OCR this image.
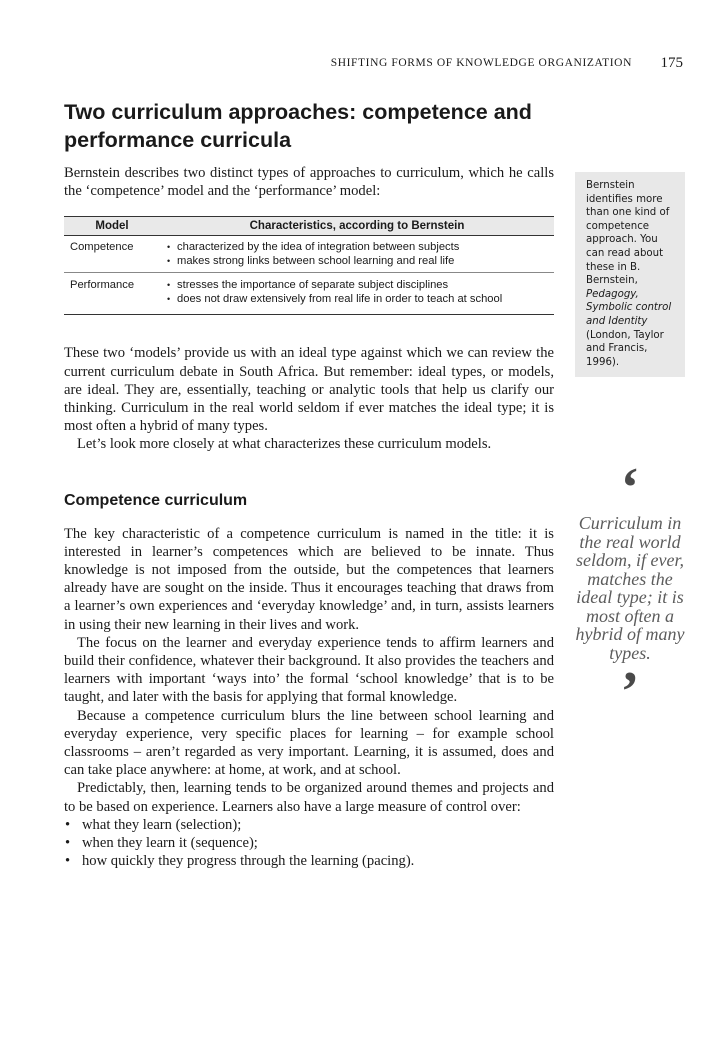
SHIFTING FORMS OF KNOWLEDGE ORGANIZATION 175
Two curriculum approaches: competence and
performance curricula

Bernstein describes two distinct types of approaches to curriculum, which he calls the ‘competence’ model and the ‘performance’ model:

Model	Characteristics, according to Bernstein
Competence	• characterized by the idea of integration between subjects
• makes strong links between school learning and real life

Performance	• stresses the importance of separate subject disciplines
• does not draw extensively from real life in order to teach at school

These two ‘models’ provide us with an ideal type against which we can review the current curriculum debate in South Africa. But remember: ideal types, or models, are ideal. They are, essentially, teaching or analytic tools that help us clarify our thinking. Curriculum in the real world seldom if ever matches the ideal type; it is most often a hybrid of many types.

Let’s look more closely at what characterizes these curriculum models.

Competence curriculum

The key characteristic of a competence curriculum is named in the title: it is interested in learner’s competences which are believed to be innate. Thus knowledge is not imposed from the outside, but the competences that learners already have are sought on the inside. Thus it encourages teaching that draws from a learner’s own experiences and ‘everyday knowledge’ and, in turn, assists learners in using their new learning in their lives and work.

The focus on the learner and everyday experience tends to affirm learners and build their confidence, whatever their background. It also provides the teachers and learners with important ‘ways into’ the formal ‘school knowledge’ that is to be taught, and later with the basis for applying that formal knowledge.

Because a competence curriculum blurs the line between school learning and everyday experience, very specific places for learning – for example school classrooms – aren’t regarded as very important. Learning, it is assumed, does and can take place anywhere: at home, at work, and at school.

Predictably, then, learning tends to be organized around themes and projects and to be based on experience. Learners also have a large measure of control over:

• what they learn (selection);
• when they learn it (sequence);
• how quickly they progress through the learning (pacing).
Bernstein identifies more than one kind of competence approach. You can read about these in B. Bernstein, Pedagogy, Symbolic control and Identity (London, Taylor and Francis, 1996).
‘
Curriculum in the real world seldom, if ever, matches the ideal type; it is most often a hybrid of many types.
’
